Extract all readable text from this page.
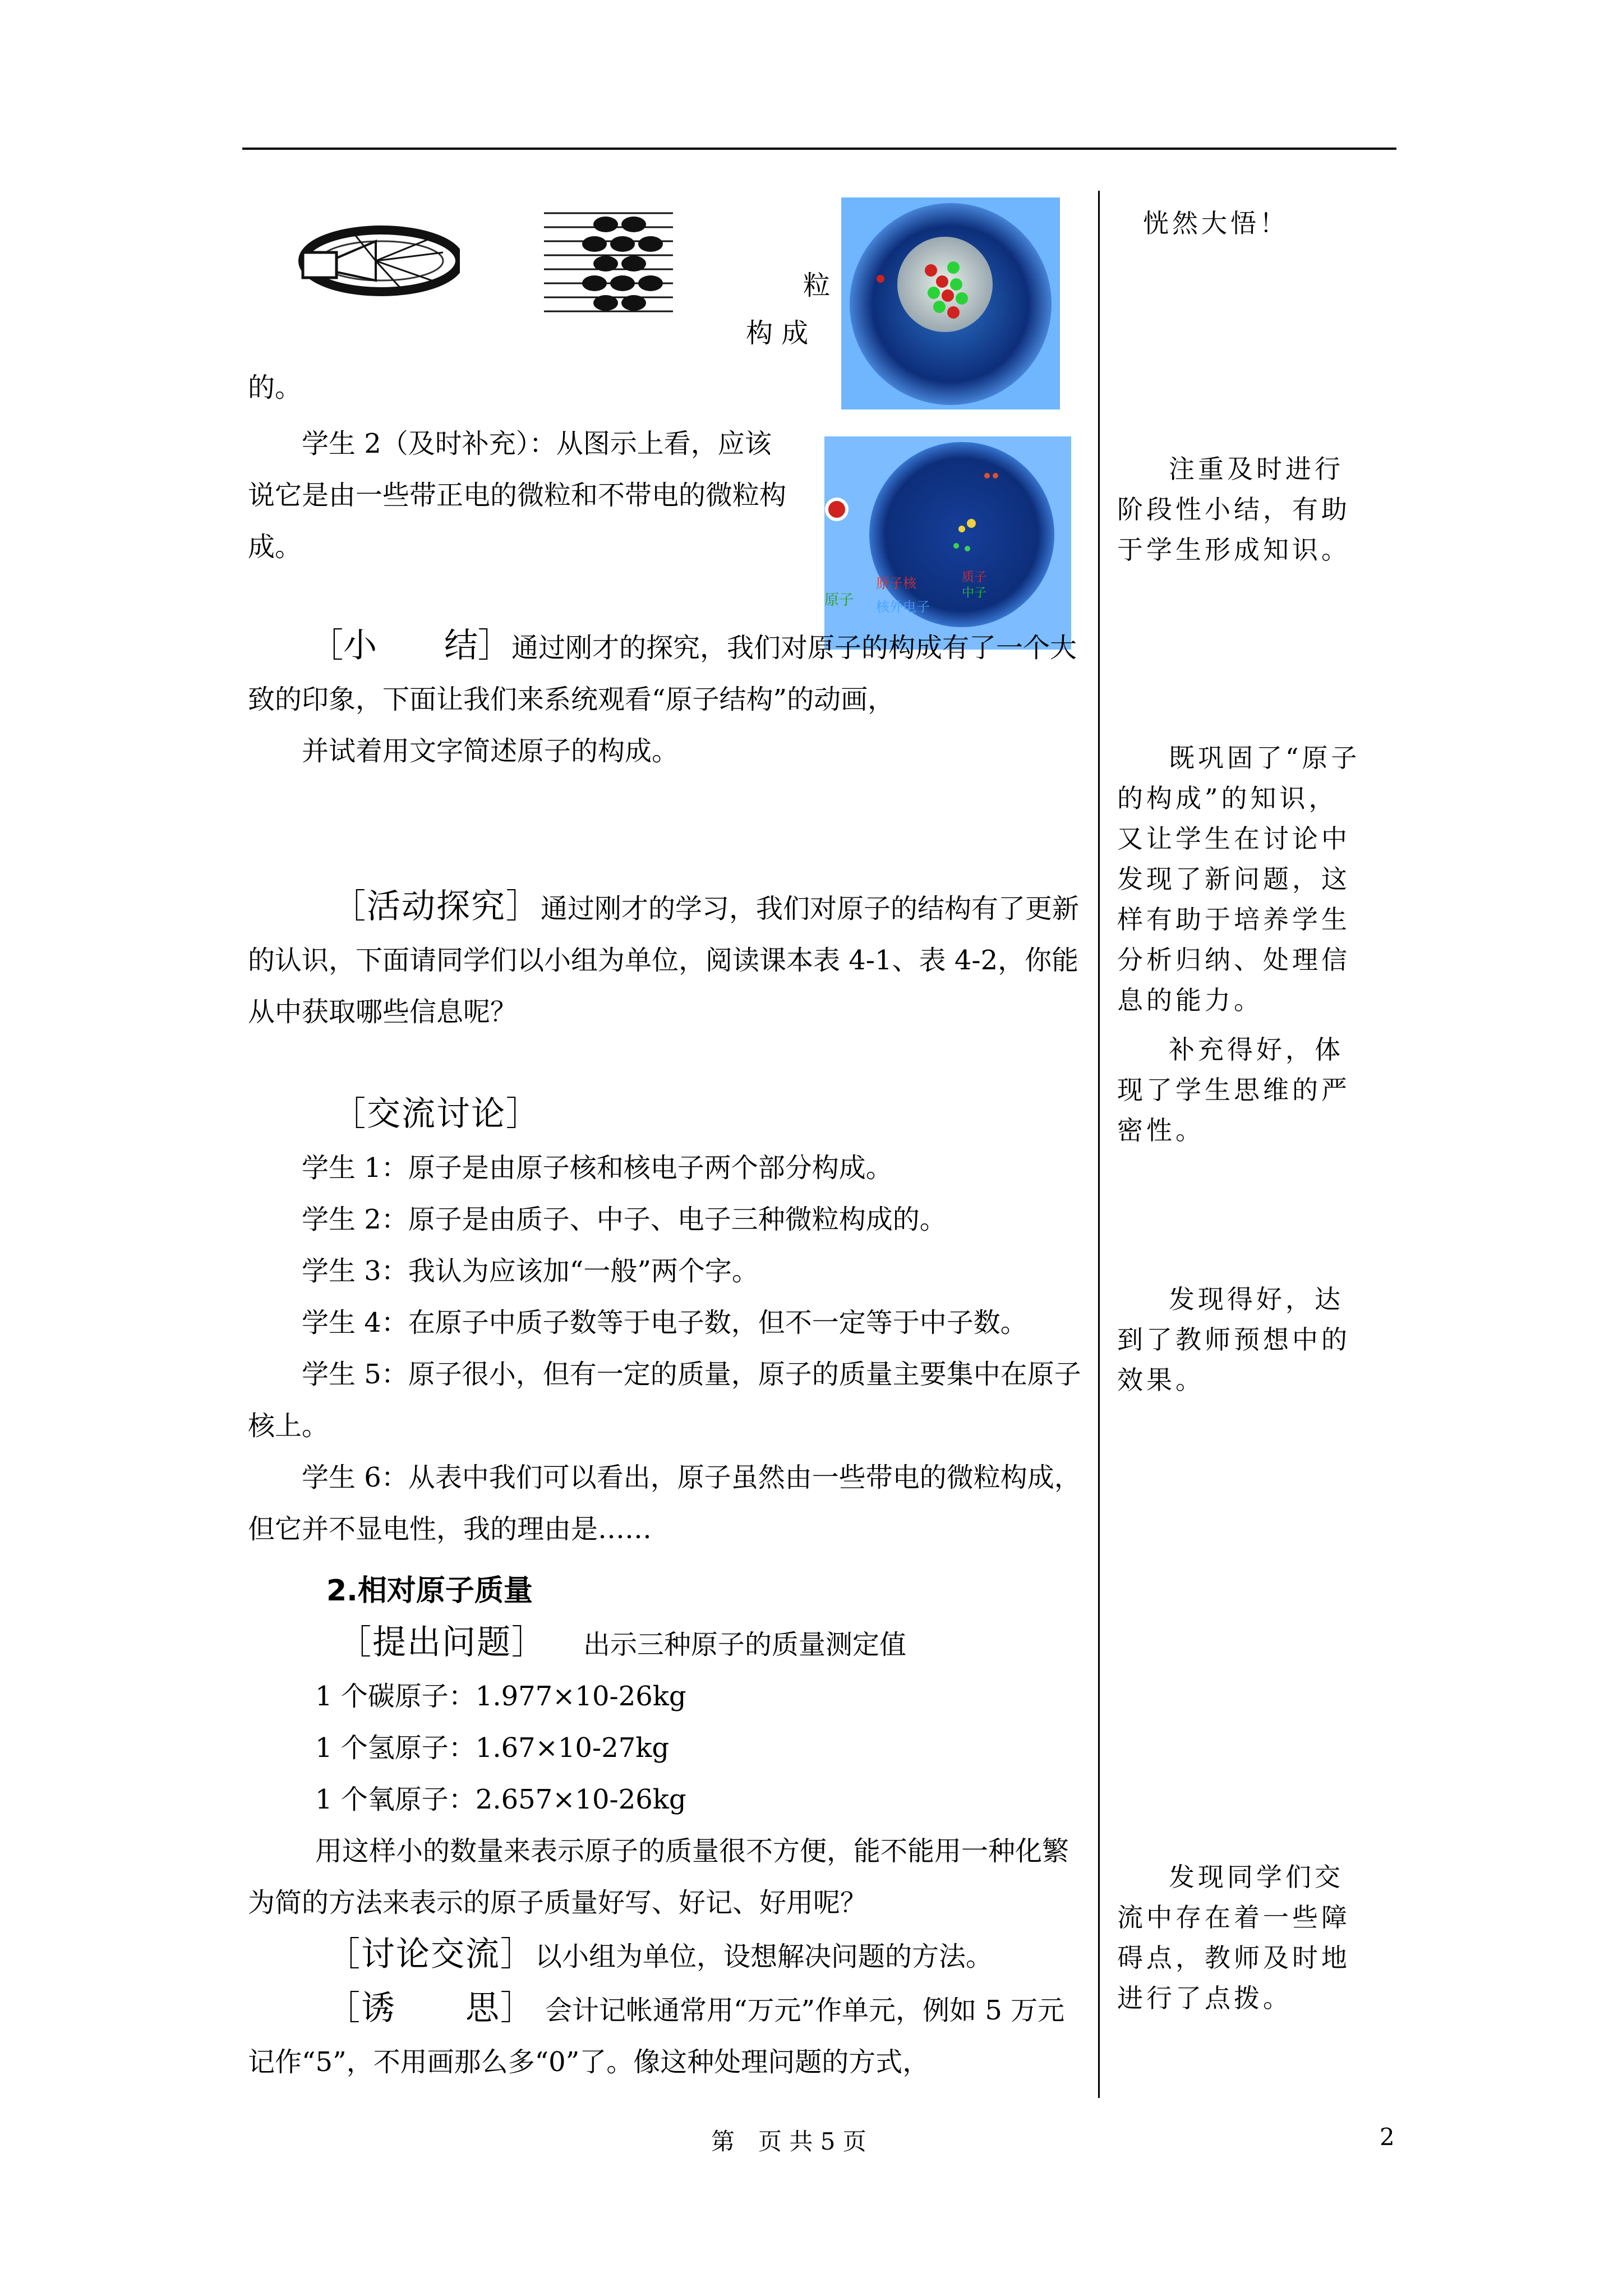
粒
原子
原子核
核外电子
质子
中子
构 成
的。

学生 2（及时补充）：从图示上看，应该说它是由一些带正电的微粒和不带电的微粒构成。

［小　　结］通过刚才的探究，我们对原子的构成有了一个大致的印象，下面让我们来系统观看“原子结构”的动画，

并试着用文字简述原子的构成。

［活动探究］通过刚才的学习，我们对原子的结构有了更新的认识，下面请同学们以小组为单位，阅读课本表 4-1、表 4-2，你能从中获取哪些信息呢？

［交流讨论］

学生 1：原子是由原子核和核电子两个部分构成。

学生 2：原子是由质子、中子、电子三种微粒构成的。

学生 3：我认为应该加“一般”两个字。

学生 4：在原子中质子数等于电子数，但不一定等于中子数。

学生 5：原子很小，但有一定的质量，原子的质量主要集中在原子核上。

学生 6：从表中我们可以看出，原子虽然由一些带电的微粒构成，但它并不显电性，我的理由是……

2.相对原子质量

［提出问题］　　 出示三种原子的质量测定值

1 个碳原子：1.977×10-26kg

1 个氢原子：1.67×10-27kg

1 个氧原子：2.657×10-26kg

用这样小的数量来表示原子的质量很不方便，能不能用一种化繁为简的方法来表示的原子质量好写、好记、好用呢？

［讨论交流］以小组为单位，设想解决问题的方法。

［诱　　思］　 会计记帐通常用“万元”作单元，例如 5 万元记作“5”，不用画那么多“0”了。像这种处理问题的方式，

恍然大悟！

注重及时进行阶段性小结，有助于学生形成知识。

既巩固了“原子的构成”的知识，又让学生在讨论中发现了新问题，这样有助于培养学生分析归纳、处理信息的能力。

补充得好，体现了学生思维的严密性。

发现得好，达到了教师预想中的效果。

发现同学们交流中存在着一些障碍点，教师及时地进行了点拨。

第　页 共 5 页	2
